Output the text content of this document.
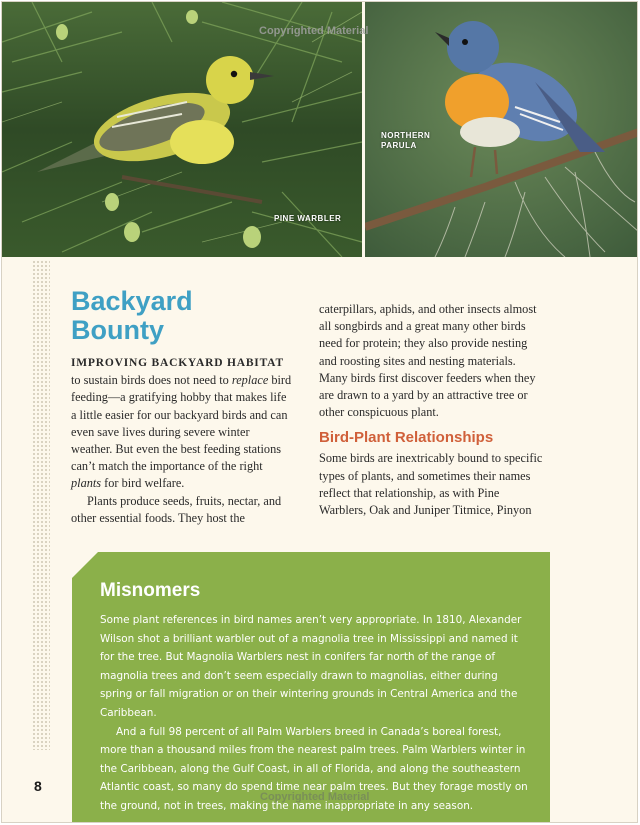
PINE WARBLER
NORTHERN PARULA
Copyrighted Material
Backyard Bounty

IMPROVING BACKYARD HABITAT to sustain birds does not need to replace bird feeding—a gratifying hobby that makes life a little easier for our backyard birds and can even save lives during severe winter weather. But even the best feeding stations can’t match the importance of the right plants for bird welfare.

Plants produce seeds, fruits, nectar, and other essential foods. They host the

caterpillars, aphids, and other insects almost all songbirds and a great many other birds need for protein; they also provide nesting and roosting sites and nesting materials. Many birds first discover feeders when they are drawn to a yard by an attractive tree or other conspicuous plant.

Bird-Plant Relationships

Some birds are inextricably bound to specific types of plants, and sometimes their names reflect that relationship, as with Pine Warblers, Oak and Juniper Titmice, Pinyon

Misnomers

Some plant references in bird names aren’t very appropriate. In 1810, Alexander Wilson shot a brilliant warbler out of a magnolia tree in Mississippi and named it for the tree. But Magnolia Warblers nest in conifers far north of the range of magnolia trees and don’t seem especially drawn to magnolias, either during spring or fall migration or on their wintering grounds in Central America and the Caribbean.

And a full 98 percent of all Palm Warblers breed in Canada’s boreal forest, more than a thousand miles from the nearest palm trees. Palm Warblers winter in the Caribbean, along the Gulf Coast, in all of Florida, and along the southeastern Atlantic coast, so many do spend time near palm trees. But they forage mostly on the ground, not in trees, making the name inappropriate in any season.

Copyrighted Material
8
